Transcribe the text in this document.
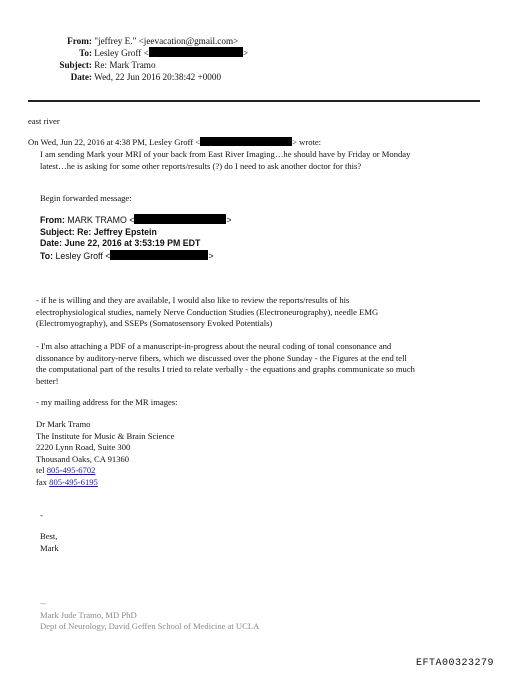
From: "jeffrey E." <jeevacation@gmail.com>
To: Lesley Groff <	>
Subject: Re: Mark Tramo
Date: Wed, 22 Jun 2016 20:38:42 +0000
east river
On Wed, Jun 22, 2016 at 4:38 PM, Lesley Groff <	> wrote:
I am sending Mark your MRI of your back from East River Imaging…he should have by Friday or Monday
latest…he is asking for some other reports/results (?) do I need to ask another doctor for this?
Begin forwarded message:
From: MARK TRAMO <	>
Subject: Re: Jeffrey Epstein
Date: June 22, 2016 at 3:53:19 PM EDT
To: Lesley Groff <	>
- if he is willing and they are available, I would also like to review the reports/results of his
electrophysiological studies, namely Nerve Conduction Studies (Electroneurography), needle EMG
(Electromyography), and SSEPs (Somatosensory Evoked Potentials)
- I'm also attaching a PDF of a manuscript-in-progress about the neural coding of tonal consonance and
dissonance by auditory-nerve fibers, which we discussed over the phone Sunday - the Figures at the end tell
the computational part of the results I tried to relate verbally - the equations and graphs communicate so much
better!
- my mailing address for the MR images:
Dr Mark Tramo
The Institute for Music & Brain Science
2220 Lynn Road, Suite 300
Thousand Oaks, CA 91360
tel 805-495-6702
fax 805-495-6195
-
Best,
Mark
--
Mark Jude Tramo, MD PhD
Dept of Neurology, David Geffen School of Medicine at UCLA
EFTA00323279
